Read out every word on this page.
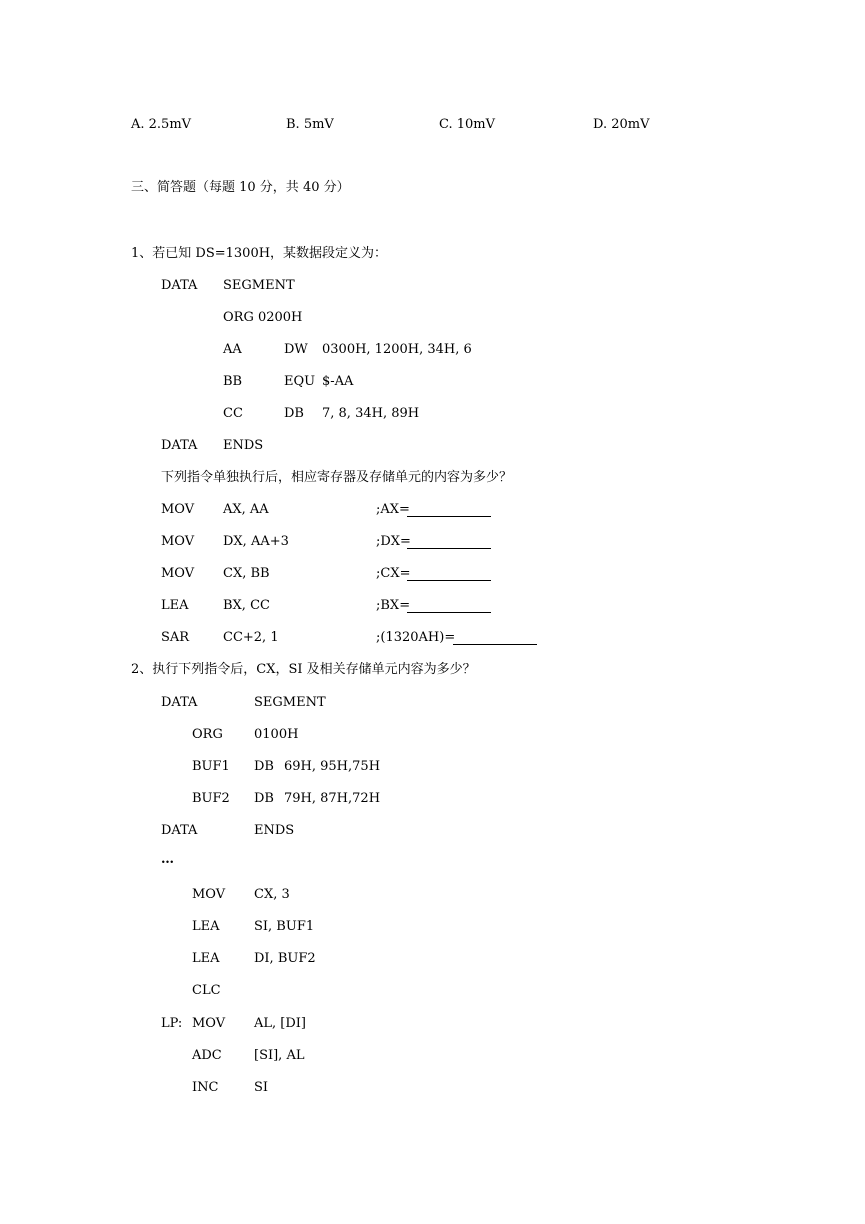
A. 2.5mV	B. 5mV	C. 10mV	D. 20mV
三、简答题（每题 10 分，共 40 分）
1、若已知 DS=1300H，某数据段定义为：
DATA SEGMENT
ORG 0200H
AA	DW 0300H, 1200H, 34H, 6
BB	EQU $-AA
CC	DB 7, 8, 34H, 89H
DATA ENDS
下列指令单独执行后，相应寄存器及存储单元的内容为多少？
MOV AX, AA	;AX=
MOV DX, AA+3	;DX=
MOV CX, BB	;CX=
LEA	BX, CC	;BX=
SAR	CC+2, 1	;(1320AH)=
2、执行下列指令后，CX，SI 及相关存储单元内容为多少？
DATA	SEGMENT
ORG 0100H
BUF1 DB 69H, 95H,75H
BUF2 DB 79H, 87H,72H
DATA	ENDS
…
MOV CX, 3
LEA	SI, BUF1
LEA	DI, BUF2
CLC
LP: MOV AL, [DI]
ADC [SI], AL
INC	SI
